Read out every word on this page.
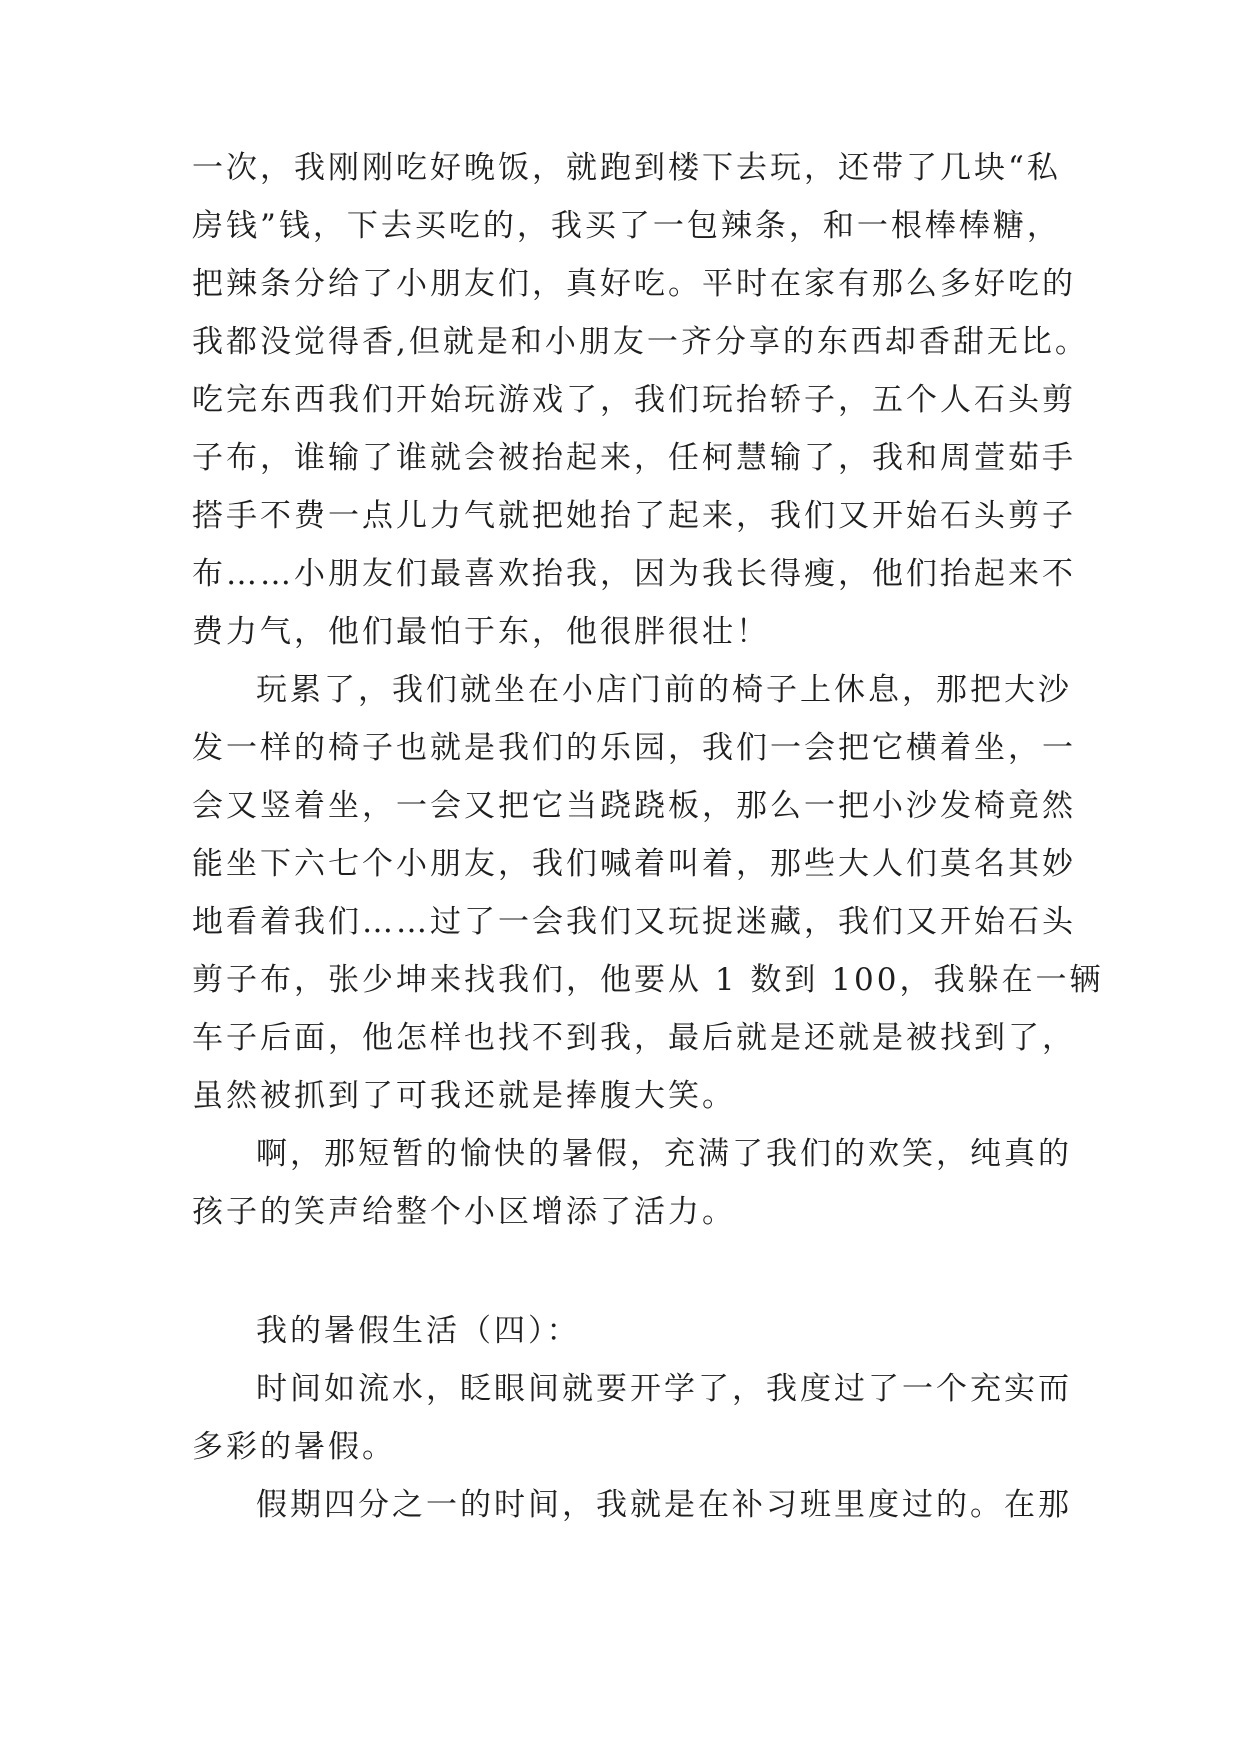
一次，我刚刚吃好晚饭，就跑到楼下去玩，还带了几块“私
房钱”钱，下去买吃的，我买了一包辣条，和一根棒棒糖，
把辣条分给了小朋友们，真好吃。平时在家有那么多好吃的
我都没觉得香,但就是和小朋友一齐分享的东西却香甜无比。
吃完东西我们开始玩游戏了，我们玩抬轿子，五个人石头剪
子布，谁输了谁就会被抬起来，任柯慧输了，我和周萱茹手
搭手不费一点儿力气就把她抬了起来，我们又开始石头剪子
布……小朋友们最喜欢抬我，因为我长得瘦，他们抬起来不
费力气，他们最怕于东，他很胖很壮！
玩累了，我们就坐在小店门前的椅子上休息，那把大沙
发一样的椅子也就是我们的乐园，我们一会把它横着坐，一
会又竖着坐，一会又把它当跷跷板，那么一把小沙发椅竟然
能坐下六七个小朋友，我们喊着叫着，那些大人们莫名其妙
地看着我们……过了一会我们又玩捉迷藏，我们又开始石头
剪子布，张少坤来找我们，他要从 1 数到 100，我躲在一辆
车子后面，他怎样也找不到我，最后就是还就是被找到了，
虽然被抓到了可我还就是捧腹大笑。
啊，那短暂的愉快的暑假，充满了我们的欢笑，纯真的
孩子的笑声给整个小区增添了活力。
我的暑假生活（四）：
时间如流水，眨眼间就要开学了，我度过了一个充实而
多彩的暑假。
假期四分之一的时间，我就是在补习班里度过的。在那
